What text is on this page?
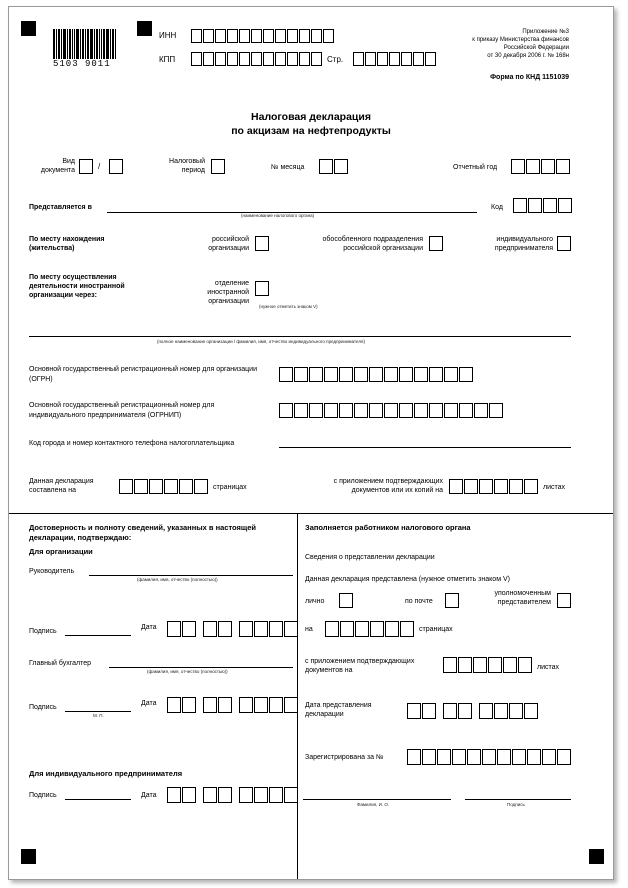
5103 9011
ИНН
КПП	Стр.
Приложение №3
к приказу Министерства финансов
Российской Федерации
от 30 декабря 2006 г. № 168н
Форма по КНД 1151039
Налоговая декларация
по акцизам на нефтепродукты
Вид документа	/
Налоговый период	№ месяца	Отчетный год
Представляется в
(наименование налогового органа)
Код
По месту нахождения (жительства)
российской организации
обособленного подразделения российской организации
индивидуального предпринимателя
По месту осуществления деятельности иностранной организации через:
отделение иностранной организации
(нужное отметить знаком V)
(полное наименование организации / фамилия, имя, отчество индивидуального предпринимателя)
Основной государственный регистрационный номер для организации (ОГРН)
Основной государственный регистрационный номер для индивидуального предпринимателя (ОГРНИП)
Код города и номер контактного телефона налогоплательщика
Данная декларация составлена на	страницах
с приложением подтверждающих документов или их копий на	листах
Достоверность и полноту сведений, указанных в настоящей декларации, подтверждаю:
Для организации
Руководитель
(фамилия, имя, отчество (полностью))
Подпись
Дата
Главный бухгалтер
(фамилия, имя, отчество (полностью))
Подпись
М. П.
Дата
Для индивидуального предпринимателя
Подпись	Дата
Заполняется работником налогового органа
Сведения о представлении декларации
Данная декларация представлена (нужное отметить знаком V)
лично	по почте
уполномоченным представителем
на	страницах
с приложением подтверждающих документов на	листах
Дата представления декларации
Зарегистрирована за №
Фамилия, И. О.	Подпись
